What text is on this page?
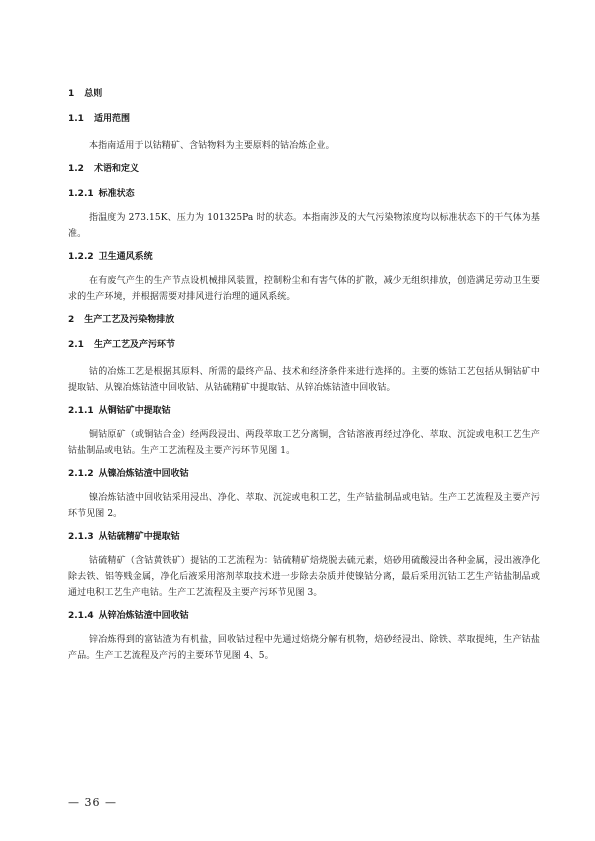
1 总则
1.1 适用范围

本指南适用于以钴精矿、含钴物料为主要原料的钴冶炼企业。

1.2 术语和定义
1.2.1 标准状态

指温度为 273.15K、压力为 101325Pa 时的状态。本指南涉及的大气污染物浓度均以标准状态下的干气体为基准。

1.2.2 卫生通风系统

在有废气产生的生产节点设机械排风装置，控制粉尘和有害气体的扩散，减少无组织排放，创造满足劳动卫生要求的生产环境，并根据需要对排风进行治理的通风系统。

2 生产工艺及污染物排放
2.1 生产工艺及产污环节

钴的冶炼工艺是根据其原料、所需的最终产品、技术和经济条件来进行选择的。主要的炼钴工艺包括从铜钴矿中提取钴、从镍冶炼钴渣中回收钴、从钴硫精矿中提取钴、从锌冶炼钴渣中回收钴。

2.1.1 从铜钴矿中提取钴

铜钴原矿（或铜钴合金）经两段浸出、两段萃取工艺分离铜，含钴溶液再经过净化、萃取、沉淀或电积工艺生产钴盐制品或电钴。生产工艺流程及主要产污环节见图 1。

2.1.2 从镍冶炼钴渣中回收钴

镍冶炼钴渣中回收钴采用浸出、净化、萃取、沉淀或电积工艺，生产钴盐制品或电钴。生产工艺流程及主要产污环节见图 2。

2.1.3 从钴硫精矿中提取钴

钴硫精矿（含钴黄铁矿）提钴的工艺流程为：钴硫精矿焙烧脱去硫元素，焙砂用硫酸浸出各种金属，浸出液净化除去铁、铝等贱金属，净化后液采用溶剂萃取技术进一步除去杂质并使镍钴分离，最后采用沉钴工艺生产钴盐制品或通过电积工艺生产电钴。生产工艺流程及主要产污环节见图 3。

2.1.4 从锌冶炼钴渣中回收钴

锌冶炼得到的富钴渣为有机盐，回收钴过程中先通过焙烧分解有机物，焙砂经浸出、除铁、萃取提纯，生产钴盐产品。生产工艺流程及产污的主要环节见图 4、5。

— 36 —
